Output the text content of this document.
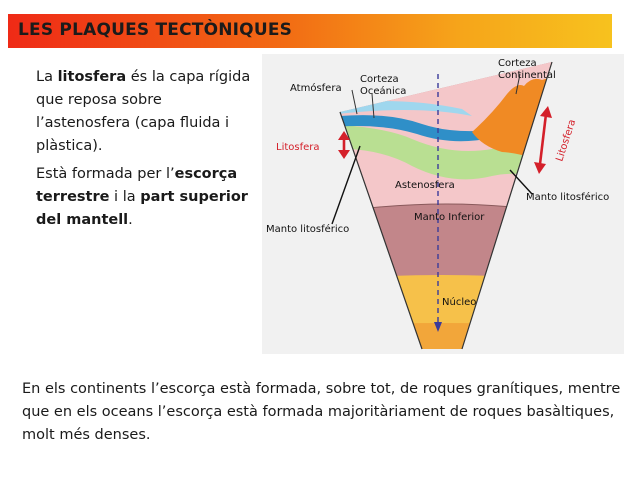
LES PLAQUES TECTÒNIQUES

La litosfera és la capa rígida que reposa sobre l’astenosfera (capa fluida i plàstica).

Està formada per l’escorça terrestre i la part superior del mantell.

Atmósfera
Corteza
Oceánica
Corteza
Continental
Litosfera	Litosfera
Astenosfera
Manto litosférico
Manto Inferior
Manto litosférico
Núcleo

En els continents l’escorça està formada, sobre tot, de roques granítiques, mentre que en els oceans l’escorça està formada majoritàriament de roques basàltiques, molt més denses.
